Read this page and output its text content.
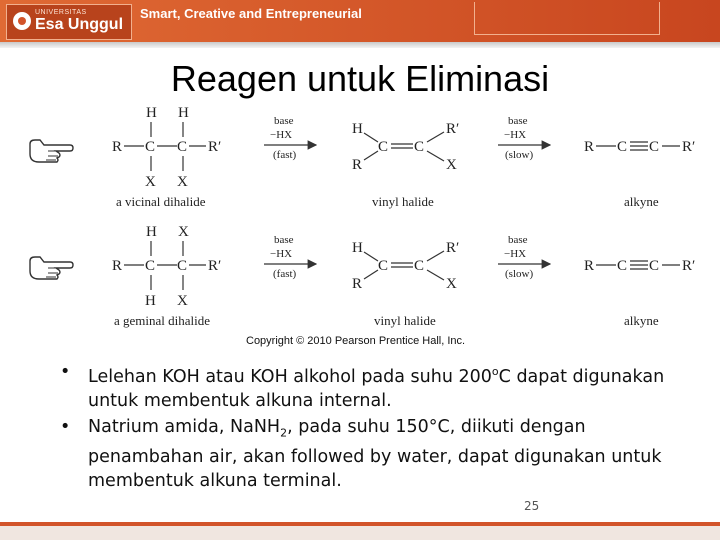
UNIVERSITAS
Esa Unggul
Smart, Creative and Entrepreneurial
Reagen untuk Eliminasi
H H
R C C R′
X X
a vicinal dihalide
base
−HX
(fast)
H
C C
R′
R	X
vinyl halide
base
−HX
(slow)	R C C R′
alkyne
H X
R C C R′
H X
a geminal dihalide
base
−HX
(fast)
H
C C
R′
R	X
vinyl halide
base
−HX
(slow)	R C C R′
alkyne
Copyright © 2010 Pearson Prentice Hall, Inc.
• Lelehan KOH atau KOH alkohol pada suhu 200$^o$C dapat digunakan untuk membentuk alkuna internal.
• Natrium amida, NaNH$_2$, pada suhu 150°C, diikuti dengan penambahan air, akan followed by water, dapat digunakan untuk membentuk alkuna terminal.
25
